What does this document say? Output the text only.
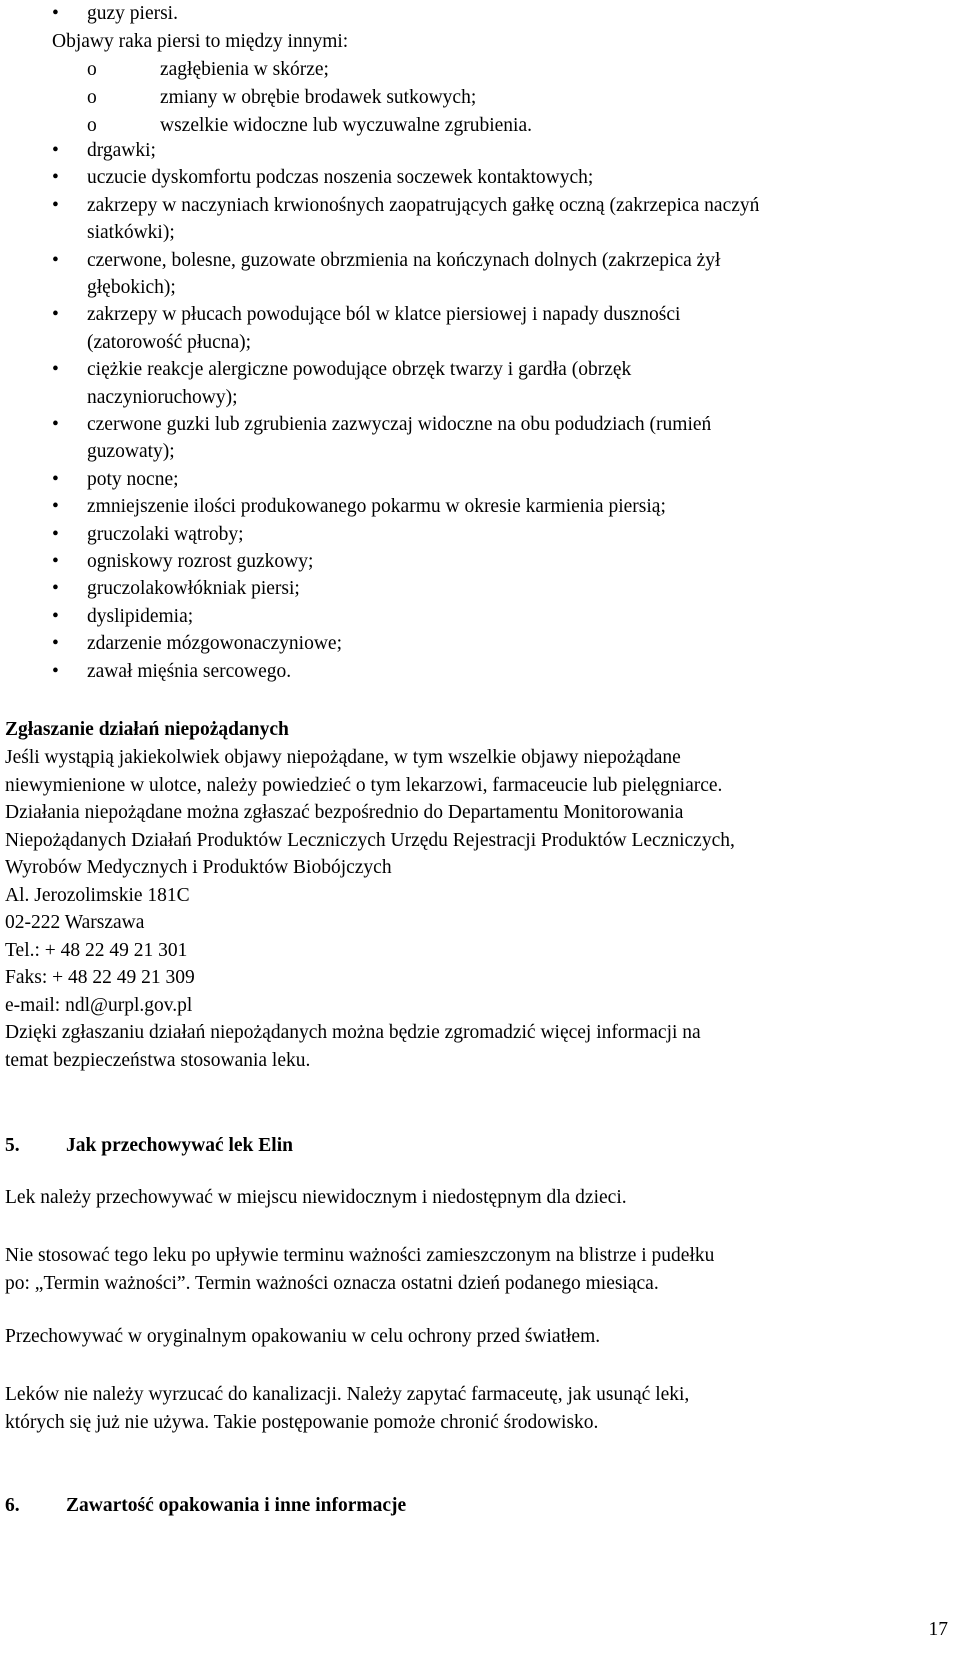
•	guzy piersi.
Objawy raka piersi to między innymi:
o	zagłębienia w skórze;
o	zmiany w obrębie brodawek sutkowych;
o	wszelkie widoczne lub wyczuwalne zgrubienia.
•	drgawki;
•	uczucie dyskomfortu podczas noszenia soczewek kontaktowych;
•	zakrzepy w naczyniach krwionośnych zaopatrujących gałkę oczną (zakrzepica naczyń
siatkówki);
•	czerwone, bolesne, guzowate obrzmienia na kończynach dolnych (zakrzepica żył
głębokich);
•	zakrzepy w płucach powodujące ból w klatce piersiowej i napady duszności
(zatorowość płucna);
•	ciężkie reakcje alergiczne powodujące obrzęk twarzy i gardła (obrzęk
naczynioruchowy);
•	czerwone guzki lub zgrubienia zazwyczaj widoczne na obu podudziach (rumień
guzowaty);
•	poty nocne;
•	zmniejszenie ilości produkowanego pokarmu w okresie karmienia piersią;
•	gruczolaki wątroby;
•	ogniskowy rozrost guzkowy;
•	gruczolakowłókniak piersi;
•	dyslipidemia;
•	zdarzenie mózgowonaczyniowe;
•	zawał mięśnia sercowego.
Zgłaszanie działań niepożądanych
Jeśli wystąpią jakiekolwiek objawy niepożądane, w tym wszelkie objawy niepożądane
niewymienione w ulotce, należy powiedzieć o tym lekarzowi, farmaceucie lub pielęgniarce.
Działania niepożądane można zgłaszać bezpośrednio do Departamentu Monitorowania
Niepożądanych Działań Produktów Leczniczych Urzędu Rejestracji Produktów Leczniczych,
Wyrobów Medycznych i Produktów Biobójczych
Al. Jerozolimskie 181C
02-222 Warszawa
Tel.: + 48 22 49 21 301
Faks: + 48 22 49 21 309
e-mail: ndl@urpl.gov.pl
Dzięki zgłaszaniu działań niepożądanych można będzie zgromadzić więcej informacji na
temat bezpieczeństwa stosowania leku.
5. Jak przechowywać lek Elin
Lek należy przechowywać w miejscu niewidocznym i niedostępnym dla dzieci.
Nie stosować tego leku po upływie terminu ważności zamieszczonym na blistrze i pudełku
po: „Termin ważności”. Termin ważności oznacza ostatni dzień podanego miesiąca.
Przechowywać w oryginalnym opakowaniu w celu ochrony przed światłem.
Leków nie należy wyrzucać do kanalizacji. Należy zapytać farmaceutę, jak usunąć leki,
których się już nie używa. Takie postępowanie pomoże chronić środowisko.
6. Zawartość opakowania i inne informacje
17
